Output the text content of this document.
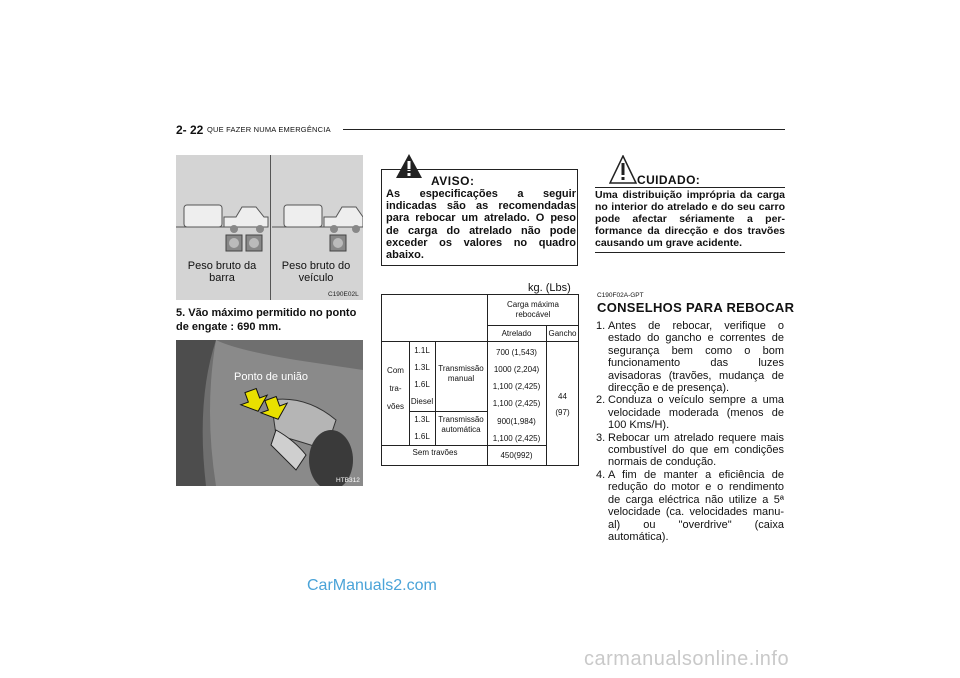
2- 22 QUE FAZER NUMA EMERGÊNCIA
Peso bruto da barra
Peso bruto do veículo
C190E02L
5. Vão máximo permitido no ponto de engate : 690 mm.
Ponto de união
HTB312
AVISO:
As especificações a seguir indicadas são as recomendadas para rebocar um atrelado. O peso de carga do atrelado não pode exceder os valores no quadro abaixo.
kg. (Lbs)
Carga máxima rebocável
Atrelado	Gancho
Com
tra-
vões
1.1L
1.3L
1.6L
Diesel
1.3L
1.6L
Transmissão manual
Transmissão automática
700 (1,543)
1000 (2,204)
1,100 (2,425)
1,100 (2,425)
900(1,984)
1,100 (2,425)
44
(97)
Sem travões	450(992)
CUIDADO:
Uma distribuição imprópria da carga no interior do atrelado e do seu carro pode afectar sériamente a per-formance da direcção e dos travões causando um grave acidente.
C190F02A-GPT
CONSELHOS PARA REBOCAR
1. Antes de rebocar, verifique o estado do gancho e correntes de segurança bem como o bom funcionamento das luzes avisadoras (travões, mudança de direcção e de presença).
2. Conduza o veículo sempre a uma velocidade moderada (menos de 100 Kms/H).
3. Rebocar um atrelado requere mais combustível do que em condições normais de condução.
4. A fim de manter a eficiência de redução do motor e o rendimento de carga eléctrica não utilize a 5ª velocidade (ca. velocidades manu-al) ou "overdrive" (caixa automática).
CarManuals2.com
carmanualsonline.info
